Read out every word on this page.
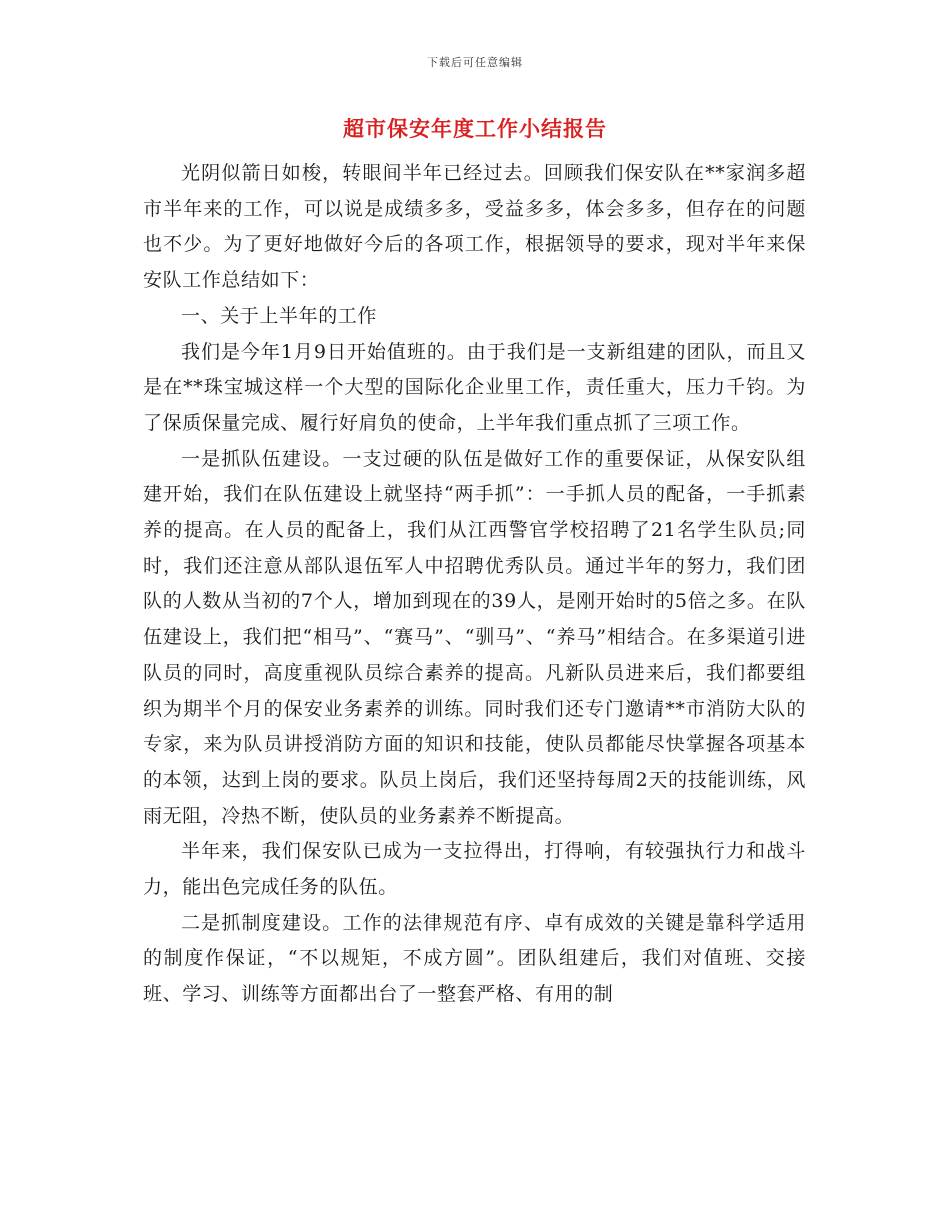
下载后可任意编辑
超市保安年度工作小结报告

光阴似箭日如梭，转眼间半年已经过去。回顾我们保安队在**家润多超市半年来的工作，可以说是成绩多多，受益多多，体会多多，但存在的问题也不少。为了更好地做好今后的各项工作，根据领导的要求，现对半年来保安队工作总结如下：

一、关于上半年的工作

我们是今年1月9日开始值班的。由于我们是一支新组建的团队，而且又是在**珠宝城这样一个大型的国际化企业里工作，责任重大，压力千钧。为了保质保量完成、履行好肩负的使命，上半年我们重点抓了三项工作。

一是抓队伍建设。一支过硬的队伍是做好工作的重要保证，从保安队组建开始，我们在队伍建设上就坚持“两手抓”：一手抓人员的配备，一手抓素养的提高。在人员的配备上，我们从江西警官学校招聘了21名学生队员;同时，我们还注意从部队退伍军人中招聘优秀队员。通过半年的努力，我们团队的人数从当初的7个人，增加到现在的39人，是刚开始时的5倍之多。在队伍建设上，我们把“相马”、“赛马”、“驯马”、“养马”相结合。在多渠道引进队员的同时，高度重视队员综合素养的提高。凡新队员进来后，我们都要组织为期半个月的保安业务素养的训练。同时我们还专门邀请**市消防大队的专家，来为队员讲授消防方面的知识和技能，使队员都能尽快掌握各项基本的本领，达到上岗的要求。队员上岗后，我们还坚持每周2天的技能训练，风雨无阻，冷热不断，使队员的业务素养不断提高。

半年来，我们保安队已成为一支拉得出，打得响，有较强执行力和战斗力，能出色完成任务的队伍。

二是抓制度建设。工作的法律规范有序、卓有成效的关键是靠科学适用的制度作保证，“不以规矩，不成方圆”。团队组建后，我们对值班、交接班、学习、训练等方面都出台了一整套严格、有用的制
